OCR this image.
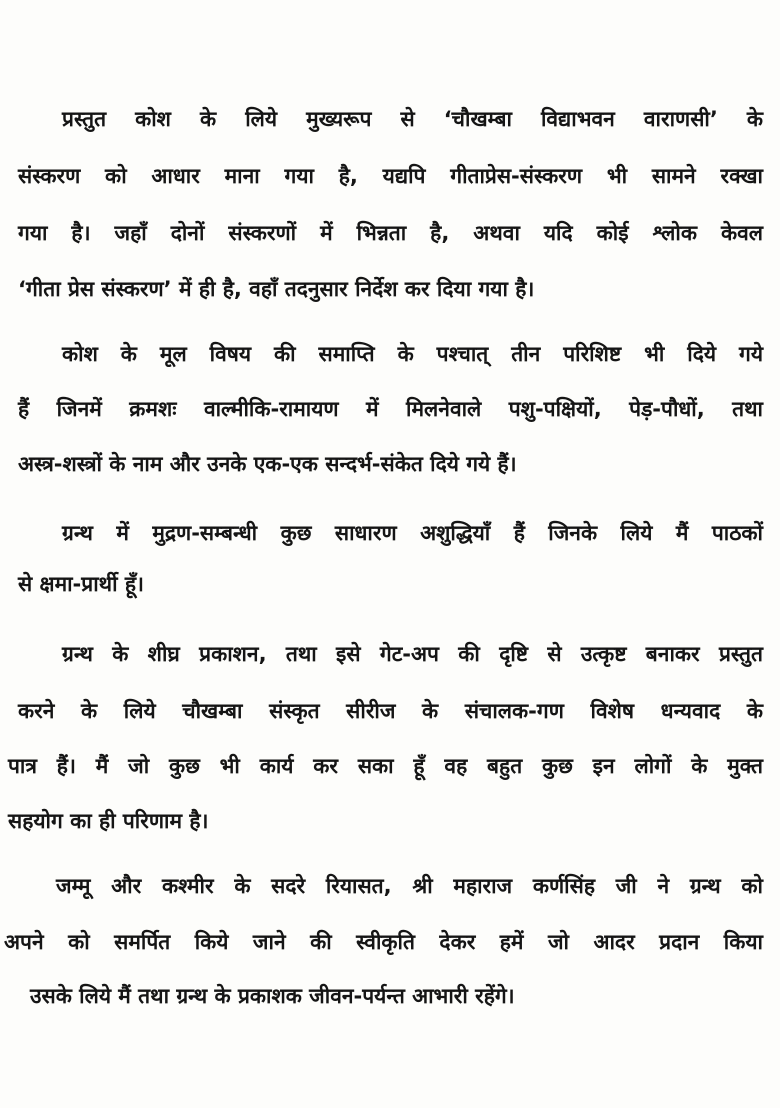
प्रस्तुत कोश के लिये मुख्यरूप से ‘चौखम्बा विद्याभवन वाराणसी’ के
संस्करण को आधार माना गया है, यद्यपि गीताप्रेस-संस्करण भी सामने रक्खा
गया है। जहाँ दोनों संस्करणों में भिन्नता है, अथवा यदि कोई श्लोक केवल
‘गीता प्रेस संस्करण’ में ही है, वहाँ तदनुसार निर्देश कर दिया गया है।
कोश के मूल विषय की समाप्ति के पश्चात् तीन परिशिष्ट भी दिये गये
हैं जिनमें क्रमशः वाल्मीकि-रामायण में मिलनेवाले पशु-पक्षियों, पेड़-पौधों, तथा
अस्त्र-शस्त्रों के नाम और उनके एक-एक सन्दर्भ-संकेत दिये गये हैं।
ग्रन्थ में मुद्रण-सम्बन्धी कुछ साधारण अशुद्धियाँ हैं जिनके लिये मैं पाठकों
से क्षमा-प्रार्थी हूँ।
ग्रन्थ के शीघ्र प्रकाशन, तथा इसे गेट-अप की दृष्टि से उत्कृष्ट बनाकर प्रस्तुत
करने के लिये चौखम्बा संस्कृत सीरीज के संचालक-गण विशेष धन्यवाद के
पात्र हैं। मैं जो कुछ भी कार्य कर सका हूँ वह बहुत कुछ इन लोगों के मुक्त
सहयोग का ही परिणाम है।
जम्मू और कश्मीर के सदरे रियासत, श्री महाराज कर्णसिंह जी ने ग्रन्थ को
अपने को समर्पित किये जाने की स्वीकृति देकर हमें जो आदर प्रदान किया
उसके लिये मैं तथा ग्रन्थ के प्रकाशक जीवन-पर्यन्त आभारी रहेंगे।
